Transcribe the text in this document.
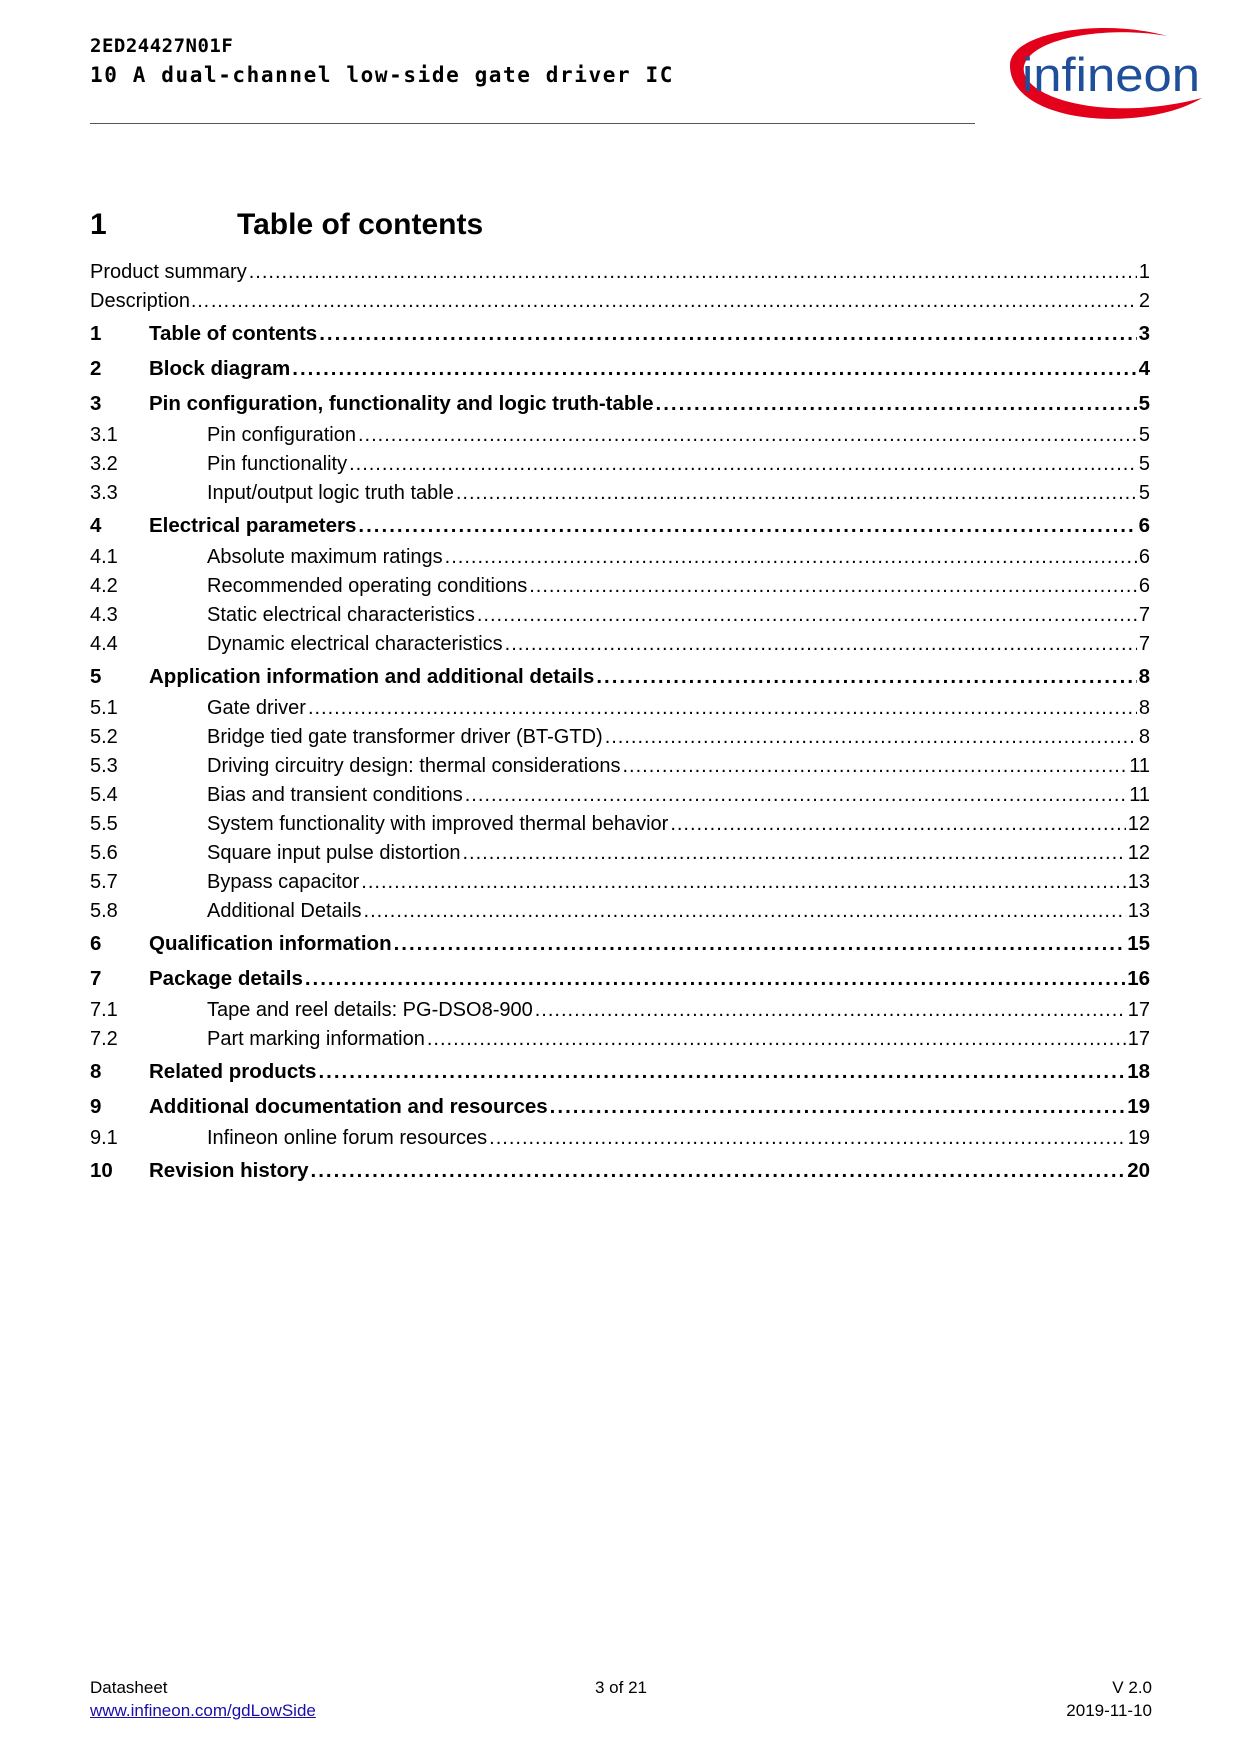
2ED24427N01F
10 A dual-channel low-side gate driver IC	infineon
1	Table of contents
Product summary .....	1
Description…………….. .....	2
1	Table of contents .....	3
2	Block diagram .....	4
3	Pin configuration, functionality and logic truth-table .....	5
3.1	Pin configuration .....	5
3.2	Pin functionality .....	5
3.3	Input/output logic truth table .....	5
4	Electrical parameters .....	6
4.1	Absolute maximum ratings .....	6
4.2	Recommended operating conditions .....	6
4.3	Static electrical characteristics .....	7
4.4	Dynamic electrical characteristics .....	7
5	Application information and additional details .....	8
5.1	Gate driver .....	8
5.2	Bridge tied gate transformer driver (BT-GTD) .....	8
5.3	Driving circuitry design: thermal considerations .....	11
5.4	Bias and transient conditions .....	11
5.5	System functionality with improved thermal behavior .....	12
5.6	Square input pulse distortion .....	12
5.7	Bypass capacitor .....	13
5.8	Additional Details .....	13
6	Qualification information .....	15
7	Package details .....	16
7.1	Tape and reel details: PG-DSO8-900 .....	17
7.2	Part marking information .....	17
8	Related products .....	18
9	Additional documentation and resources .....	19
9.1	Infineon online forum resources .....	19
10	Revision history .....	20
Datasheet	3 of 21	V 2.0
www.infineon.com/gdLowSide	2019-11-10
